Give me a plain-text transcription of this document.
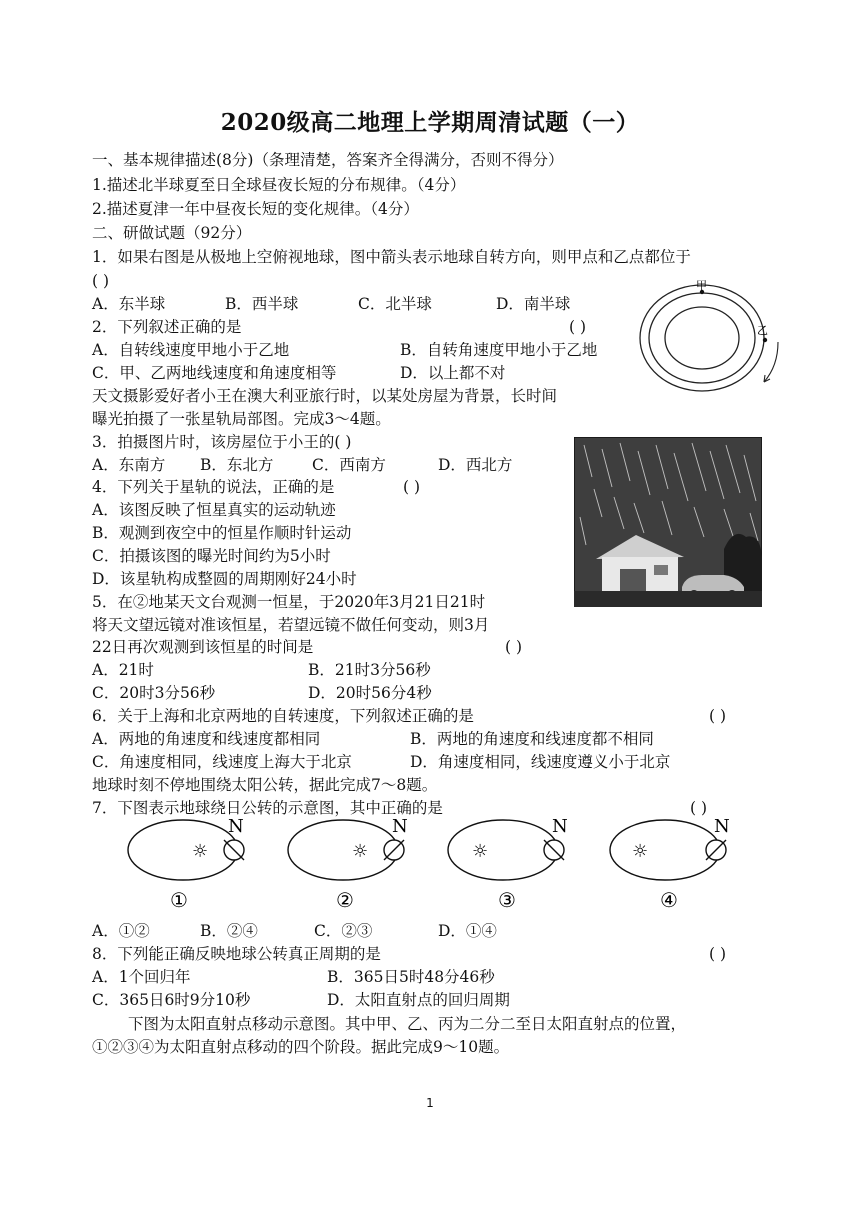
2020级高二地理上学期周清试题（一）
一、基本规律描述(8分)（条理清楚，答案齐全得满分，否则不得分）
1.描述北半球夏至日全球昼夜长短的分布规律。（4分）
2.描述夏津一年中昼夜长短的变化规律。（4分）
二、研做试题（92分）
1．如果右图是从极地上空俯视地球，图中箭头表示地球自转方向，则甲点和乙点都位于
( )
A．东半球	B．西半球	C．北半球	D．南半球
2．下列叙述正确的是	( )
A．自转线速度甲地小于乙地	B．自转角速度甲地小于乙地
C．甲、乙两地线速度和角速度相等	D．以上都不对
天文摄影爱好者小王在澳大利亚旅行时，以某处房屋为背景，长时间
曝光拍摄了一张星轨局部图。完成3～4题。
3．拍摄图片时，该房屋位于小王的( )
A．东南方 B．东北方 C．西南方	D．西北方
4．下列关于星轨的说法，正确的是	( )
A．该图反映了恒星真实的运动轨迹
B．观测到夜空中的恒星作顺时针运动
C．拍摄该图的曝光时间约为5小时
D．该星轨构成整圆的周期刚好24小时
5．在②地某天文台观测一恒星，于2020年3月21日21时
将天文望远镜对准该恒星，若望远镜不做任何变动，则3月
22日再次观测到该恒星的时间是	( )
A．21时	B．21时3分56秒
C．20时3分56秒	D．20时56分4秒
6．关于上海和北京两地的自转速度，下列叙述正确的是	( )
A．两地的角速度和线速度都相同	B．两地的角速度和线速度都不相同
C．角速度相同，线速度上海大于北京	D．角速度相同，线速度遵义小于北京
地球时刻不停地围绕太阳公转，据此完成7～8题。
7．下图表示地球绕日公转的示意图，其中正确的是	( )
A．①②	B．②④	C．②③	D．①④
8．下列能正确反映地球公转真正周期的是	( )
A．1个回归年	B．365日5时48分46秒
C．365日6时9分10秒	D．太阳直射点的回归周期
下图为太阳直射点移动示意图。其中甲、乙、丙为二分二至日太阳直射点的位置，
①②③④为太阳直射点移动的四个阶段。据此完成9～10题。
甲
乙
☼
N
①
☼
N
②
☼
N
③
☼
N
④
1
